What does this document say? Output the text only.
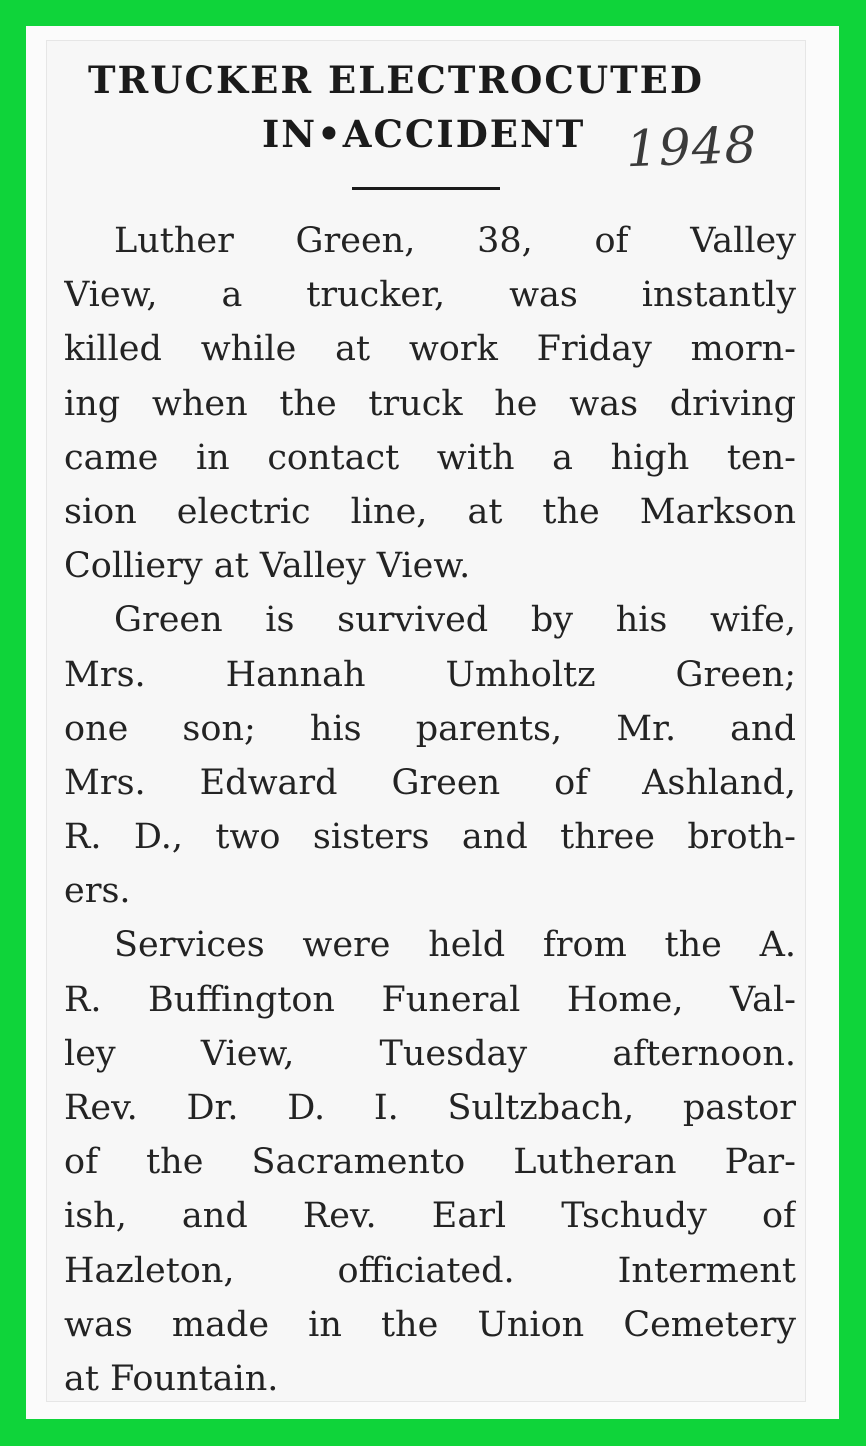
TRUCKER ELECTROCUTED
IN•ACCIDENT 1948
Luther Green, 38, of Valley
View, a trucker, was instantly
killed while at work Friday morn-
ing when the truck he was driving
came in contact with a high ten-
sion electric line, at the Markson
Colliery at Valley View.
Green is survived by his wife,
Mrs. Hannah Umholtz Green;
one son; his parents, Mr. and
Mrs. Edward Green of Ashland,
R. D., two sisters and three broth-
ers.
Services were held from the A.
R. Buffington Funeral Home, Val-
ley View, Tuesday afternoon.
Rev. Dr. D. I. Sultzbach, pastor
of the Sacramento Lutheran Par-
ish, and Rev. Earl Tschudy of
Hazleton, officiated. Interment
was made in the Union Cemetery
at Fountain.
